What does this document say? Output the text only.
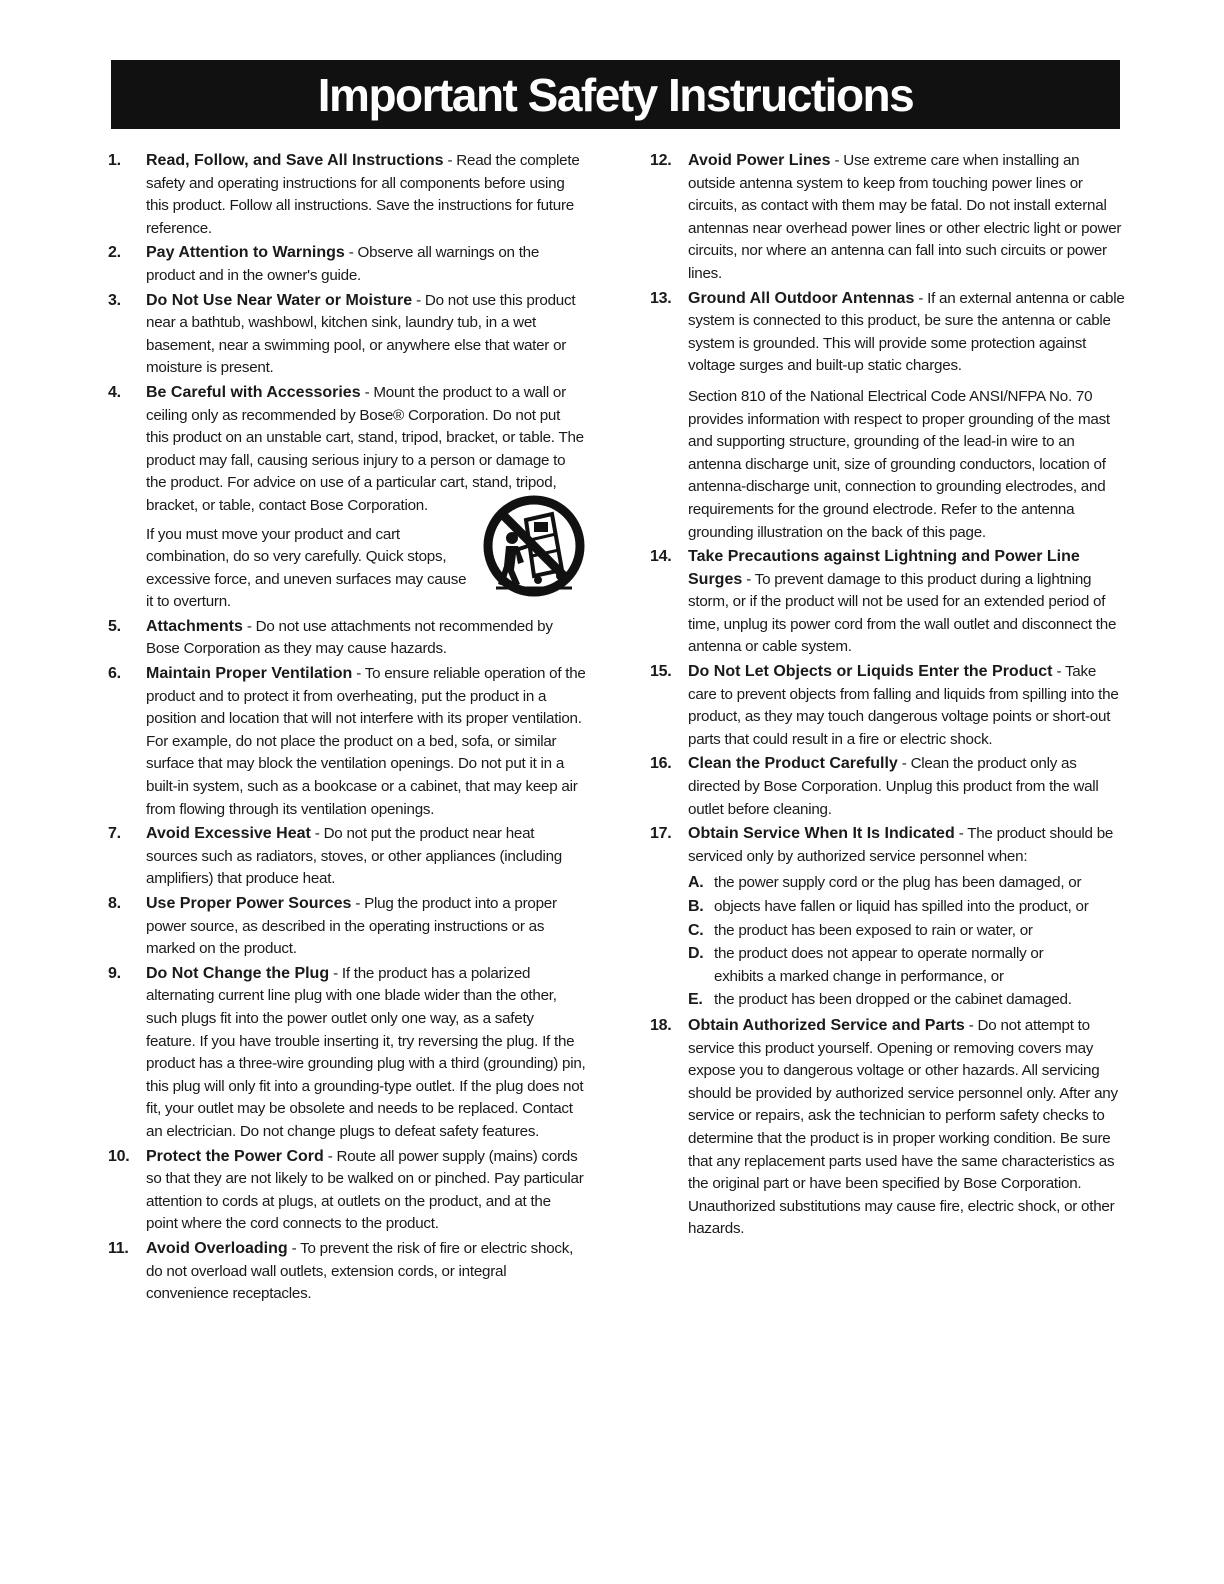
Important Safety Instructions
1.	Read, Follow, and Save All Instructions - Read the complete safety and operating instructions for all components before using this product. Follow all instructions. Save the instructions for future reference.
2.	Pay Attention to Warnings - Observe all warnings on the product and in the owner's guide.
3.	Do Not Use Near Water or Moisture - Do not use this product near a bathtub, washbowl, kitchen sink, laundry tub, in a wet basement, near a swimming pool, or anywhere else that water or moisture is present.
4.	Be Careful with Accessories - Mount the product to a wall or ceiling only as recommended by Bose® Corporation. Do not put this product on an unstable cart, stand, tripod, bracket, or table. The product may fall, causing serious injury to a person or damage to the product. For advice on use of a particular cart, stand, tripod, bracket, or table, contact Bose Corporation.
If you must move your product and cart combination, do so very carefully. Quick stops, excessive force, and uneven surfaces may cause it to overturn.
5.	Attachments - Do not use attachments not recommended by Bose Corporation as they may cause hazards.
6.	Maintain Proper Ventilation - To ensure reliable operation of the product and to protect it from overheating, put the product in a position and location that will not interfere with its proper ventilation. For example, do not place the product on a bed, sofa, or similar surface that may block the ventilation openings. Do not put it in a built-in system, such as a bookcase or a cabinet, that may keep air from flowing through its ventilation openings.
7.	Avoid Excessive Heat - Do not put the product near heat sources such as radiators, stoves, or other appliances (including amplifiers) that produce heat.
8.	Use Proper Power Sources - Plug the product into a proper power source, as described in the operating instructions or as marked on the product.
9.	Do Not Change the Plug - If the product has a polarized alternating current line plug with one blade wider than the other, such plugs fit into the power outlet only one way, as a safety feature. If you have trouble inserting it, try reversing the plug. If the product has a three-wire grounding plug with a third (grounding) pin, this plug will only fit into a grounding-type outlet. If the plug does not fit, your outlet may be obsolete and needs to be replaced. Contact an electrician. Do not change plugs to defeat safety features.
10.	Protect the Power Cord - Route all power supply (mains) cords so that they are not likely to be walked on or pinched. Pay particular attention to cords at plugs, at outlets on the product, and at the point where the cord connects to the product.
11.	Avoid Overloading - To prevent the risk of fire or electric shock, do not overload wall outlets, extension cords, or integral convenience receptacles.
12.	Avoid Power Lines - Use extreme care when installing an outside antenna system to keep from touching power lines or circuits, as contact with them may be fatal. Do not install external antennas near overhead power lines or other electric light or power circuits, nor where an antenna can fall into such circuits or power lines.
13.	Ground All Outdoor Antennas - If an external antenna or cable system is connected to this product, be sure the antenna or cable system is grounded. This will provide some protection against voltage surges and built-up static charges.
Section 810 of the National Electrical Code ANSI/NFPA No. 70 provides information with respect to proper grounding of the mast and supporting structure, grounding of the lead-in wire to an antenna discharge unit, size of grounding conductors, location of antenna-discharge unit, connection to grounding electrodes, and requirements for the ground electrode. Refer to the antenna grounding illustration on the back of this page.
14.	Take Precautions against Lightning and Power Line Surges - To prevent damage to this product during a lightning storm, or if the product will not be used for an extended period of time, unplug its power cord from the wall outlet and disconnect the antenna or cable system.
15.	Do Not Let Objects or Liquids Enter the Product - Take care to prevent objects from falling and liquids from spilling into the product, as they may touch dangerous voltage points or short-out parts that could result in a fire or electric shock.
16.	Clean the Product Carefully - Clean the product only as directed by Bose Corporation. Unplug this product from the wall outlet before cleaning.
17.	Obtain Service When It Is Indicated - The product should be serviced only by authorized service personnel when:
A. the power supply cord or the plug has been damaged, or
B. objects have fallen or liquid has spilled into the product, or
C. the product has been exposed to rain or water, or
D. the product does not appear to operate normally or exhibits a marked change in performance, or
E. the product has been dropped or the cabinet damaged.
18.	Obtain Authorized Service and Parts - Do not attempt to service this product yourself. Opening or removing covers may expose you to dangerous voltage or other hazards. All servicing should be provided by authorized service personnel only. After any service or repairs, ask the technician to perform safety checks to determine that the product is in proper working condition. Be sure that any replacement parts used have the same characteristics as the original part or have been specified by Bose Corporation. Unauthorized substitutions may cause fire, electric shock, or other hazards.
